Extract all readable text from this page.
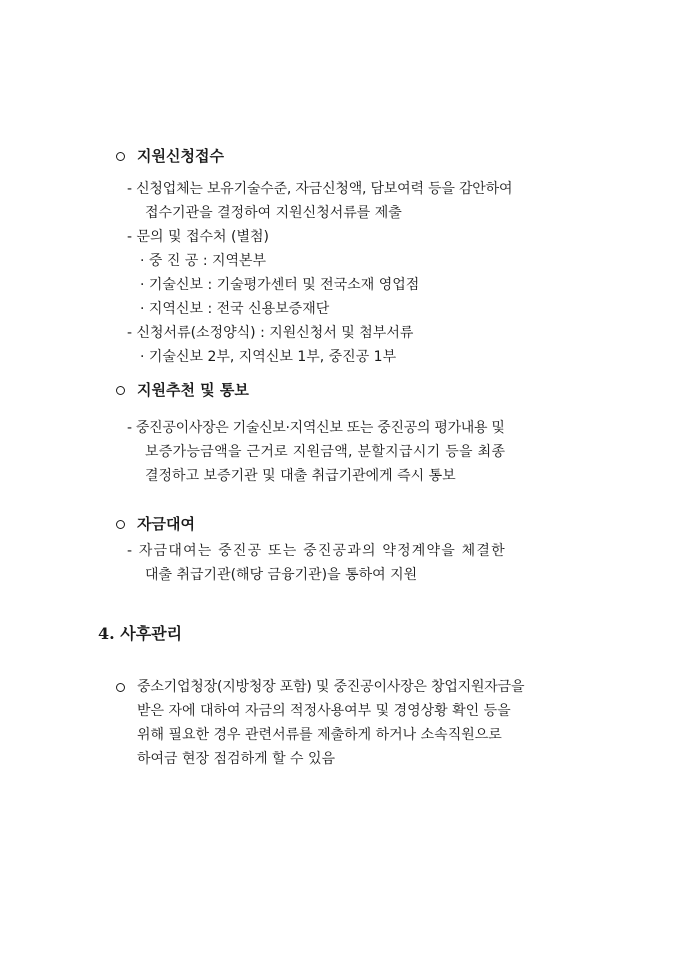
지원신청접수
- 신청업체는 보유기술수준, 자금신청액, 담보여력 등을 감안하여
접수기관을 결정하여 지원신청서류를 제출
- 문의 및 접수처 (별첨)
· 중 진 공 : 지역본부
· 기술신보 : 기술평가센터 및 전국소재 영업점
· 지역신보 : 전국 신용보증재단
- 신청서류(소정양식) : 지원신청서 및 첨부서류
· 기술신보 2부, 지역신보 1부, 중진공 1부
지원추천 및 통보
- 중진공이사장은 기술신보·지역신보 또는 중진공의 평가내용 및
보증가능금액을 근거로 지원금액, 분할지급시기 등을 최종
결정하고 보증기관 및 대출 취급기관에게 즉시 통보
자금대여
- 자금대여는 중진공 또는 중진공과의 약정계약을 체결한
대출 취급기관(해당 금융기관)을 통하여 지원
4. 사후관리
중소기업청장(지방청장 포함) 및 중진공이사장은 창업지원자금을
받은 자에 대하여 자금의 적정사용여부 및 경영상황 확인 등을
위해 필요한 경우 관련서류를 제출하게 하거나 소속직원으로
하여금 현장 점검하게 할 수 있음
